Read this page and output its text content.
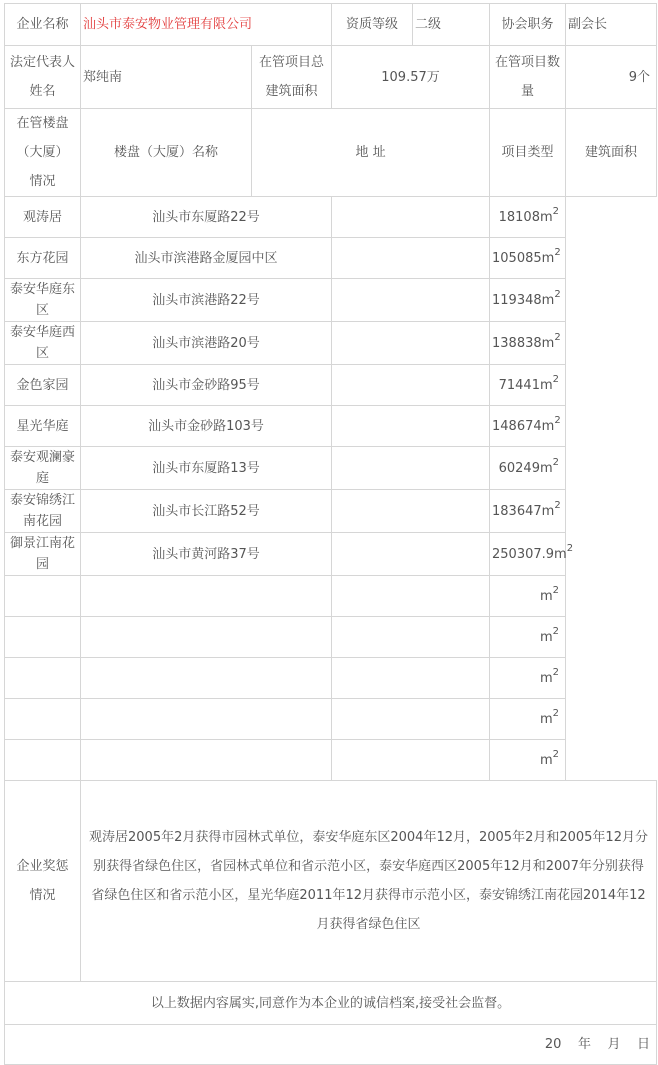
企业名称	汕头市泰安物业管理有限公司		资质等级	二级
		协会职务	副会长
法定代表人姓名	郑纯南	在管项目总建筑面积	109.57万	在管项目数量	9个
在管楼盘（大厦）情况	楼盘（大厦）名称	地 址	项目类型	建筑面积
观涛居	汕头市东厦路22号		$18108m^2$
东方花园	汕头市滨港路金厦园中区		$105085m^2$
泰安华庭东区	汕头市滨港路22号		$119348m^2$
泰安华庭西区	汕头市滨港路20号		$138838m^2$
金色家园	汕头市金砂路95号		$71441m^2$
星光华庭	汕头市金砂路103号		$148674m^2$
泰安观澜豪庭	汕头市东厦路13号		$60249m^2$
泰安锦绣江南花园	汕头市长江路52号		$183647m^2$
御景江南花园	汕头市黄河路37号		$250307.9m^2$
			$m^2$
			$m^2$
			$m^2$
			$m^2$
			$m^2$
企业奖惩情况	观涛居2005年2月获得市园林式单位，泰安华庭东区2004年12月，2005年2月和2005年12月分别获得省绿色住区，省园林式单位和省示范小区，泰安华庭西区2005年12月和2007年分别获得省绿色住区和省示范小区，星光华庭2011年12月获得市示范小区，泰安锦绣江南花园2014年12月获得省绿色住区
以上数据内容属实,同意作为本企业的诚信档案,接受社会监督。
20    年    月    日
